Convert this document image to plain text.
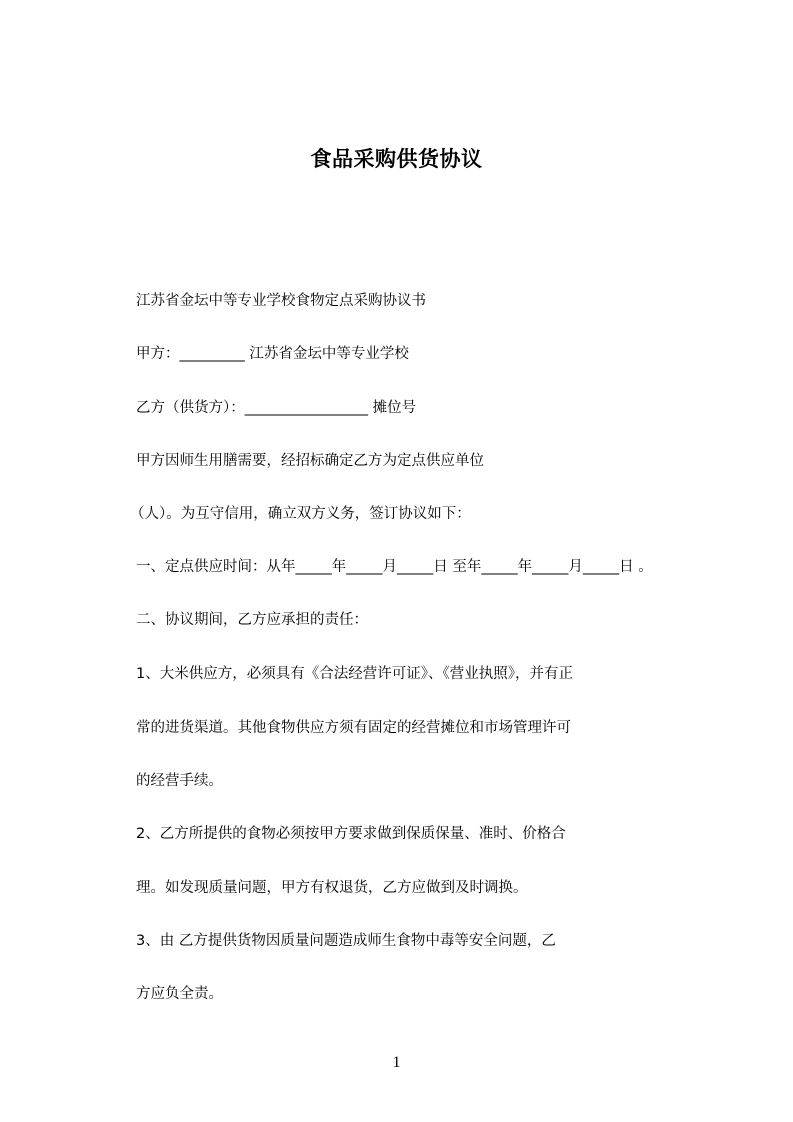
食品采购供货协议
江苏省金坛中等专业学校食物定点采购协议书
甲方：_________ 江苏省金坛中等专业学校
乙方（供货方）：_________________ 摊位号
甲方因师生用膳需要，经招标确定乙方为定点供应单位
（人）。为互守信用，确立双方义务，签订协议如下：
一、定点供应时间：从年_____年_____月_____日 至年_____年_____月_____日 。
二、协议期间，乙方应承担的责任：
1、大米供应方，必须具有《合法经营许可证》、《营业执照》，并有正
常的进货渠道。其他食物供应方须有固定的经营摊位和市场管理许可
的经营手续。
2、乙方所提供的食物必须按甲方要求做到保质保量、准时、价格合
理。如发现质量问题，甲方有权退货，乙方应做到及时调换。
3、由 乙方提供货物因质量问题造成师生食物中毒等安全问题，乙
方应负全责。
1
